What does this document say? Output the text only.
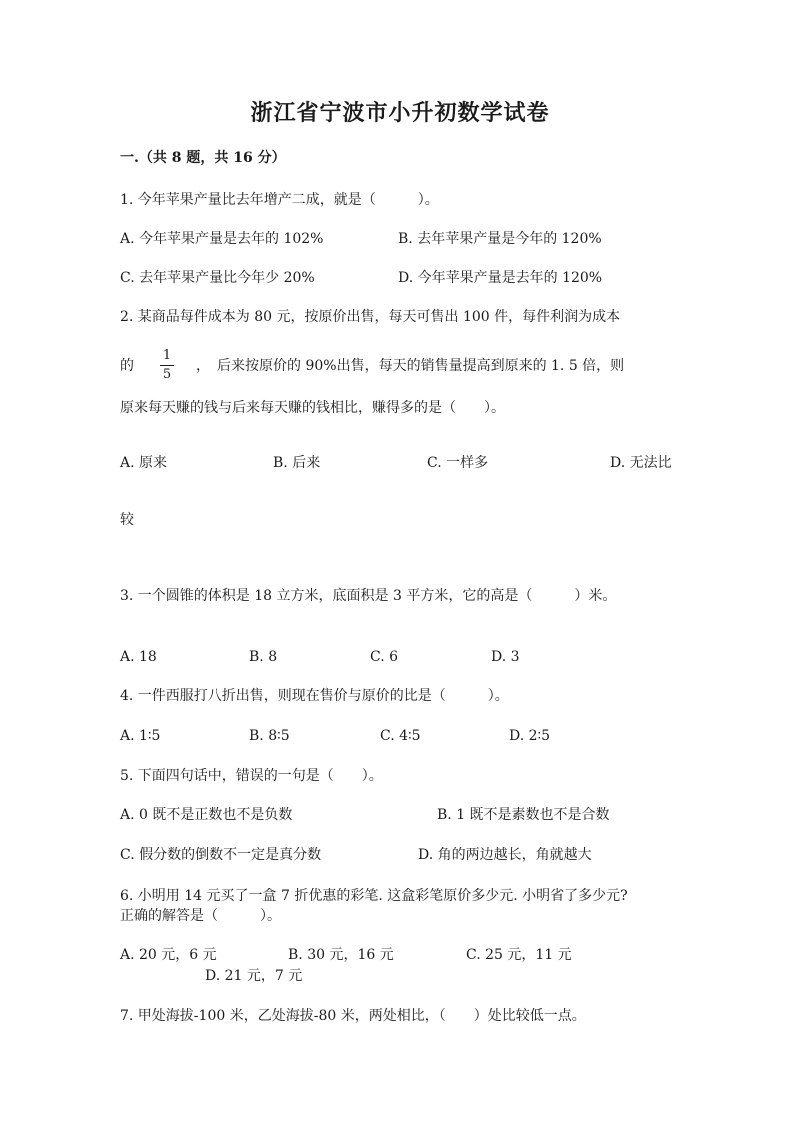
浙江省宁波市小升初数学试卷
一.（共 8 题，共 16 分）
1. 今年苹果产量比去年增产二成，就是（　　　）。
A. 今年苹果产量是去年的 102%	B. 去年苹果产量是今年的 120%
C. 去年苹果产量比今年少 20%	D. 今年苹果产量是去年的 120%
2. 某商品每件成本为 80 元，按原价出售，每天可售出 100 件，每件利润为成本
的
1
5
，　后来按原价的 90%出售，每天的销售量提高到原来的 1. 5 倍，则
原来每天赚的钱与后来每天赚的钱相比，赚得多的是（　　）。
A. 原来	B. 后来	C. 一样多	D. 无法比
较
3. 一个圆锥的体积是 18 立方米，底面积是 3 平方米，它的高是（　　　）米。
A. 18	B. 8	C. 6	D. 3
4. 一件西服打八折出售，则现在售价与原价的比是（　　　）。
A. 1∶5	B. 8∶5	C. 4∶5	D. 2∶5
5. 下面四句话中，错误的一句是（　　）。
A. 0 既不是正数也不是负数	B. 1 既不是素数也不是合数
C. 假分数的倒数不一定是真分数	D. 角的两边越长，角就越大
6. 小明用 14 元买了一盒 7 折优惠的彩笔. 这盒彩笔原价多少元. 小明省了多少元?
正确的解答是（　　　）。
A. 20 元，6 元	B. 30 元，16 元	C. 25 元，11 元
D. 21 元，7 元
7. 甲处海拔-100 米，乙处海拔-80 米，两处相比，（　　）处比较低一点。
